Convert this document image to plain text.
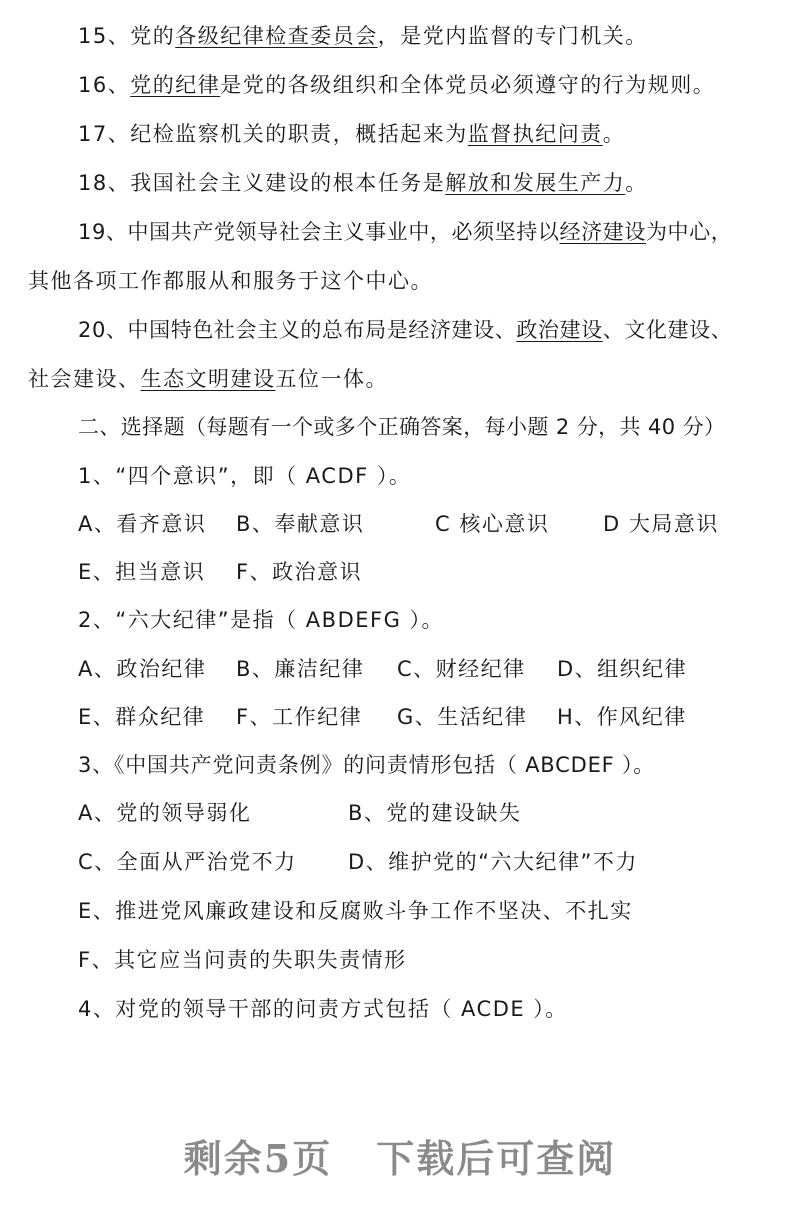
15、党的各级纪律检查委员会，是党内监督的专门机关。
16、党的纪律是党的各级组织和全体党员必须遵守的行为规则。
17、纪检监察机关的职责，概括起来为监督执纪问责。
18、我国社会主义建设的根本任务是解放和发展生产力。
19、中国共产党领导社会主义事业中，必须坚持以经济建设为中心，
其他各项工作都服从和服务于这个中心。
20、中国特色社会主义的总布局是经济建设、政治建设、文化建设、
社会建设、生态文明建设五位一体。
二、选择题（每题有一个或多个正确答案，每小题 2 分，共 40 分）
1、“四个意识”，即（ ACDF ）。
A、看齐意识 B、奉献意识	C 核心意识	D 大局意识
E、担当意识 F、政治意识
2、“六大纪律”是指（ ABDEFG ）。
A、政治纪律 B、廉洁纪律 C、财经纪律 D、组织纪律
E、群众纪律 F、工作纪律 G、生活纪律 H、作风纪律
3、《中国共产党问责条例》的问责情形包括（ ABCDEF ）。
A、党的领导弱化	B、党的建设缺失
C、全面从严治党不力 D、维护党的“六大纪律”不力
E、推进党风廉政建设和反腐败斗争工作不坚决、不扎实
F、其它应当问责的失职失责情形
4、对党的领导干部的问责方式包括（ ACDE ）。
剩余5页 下载后可查阅
